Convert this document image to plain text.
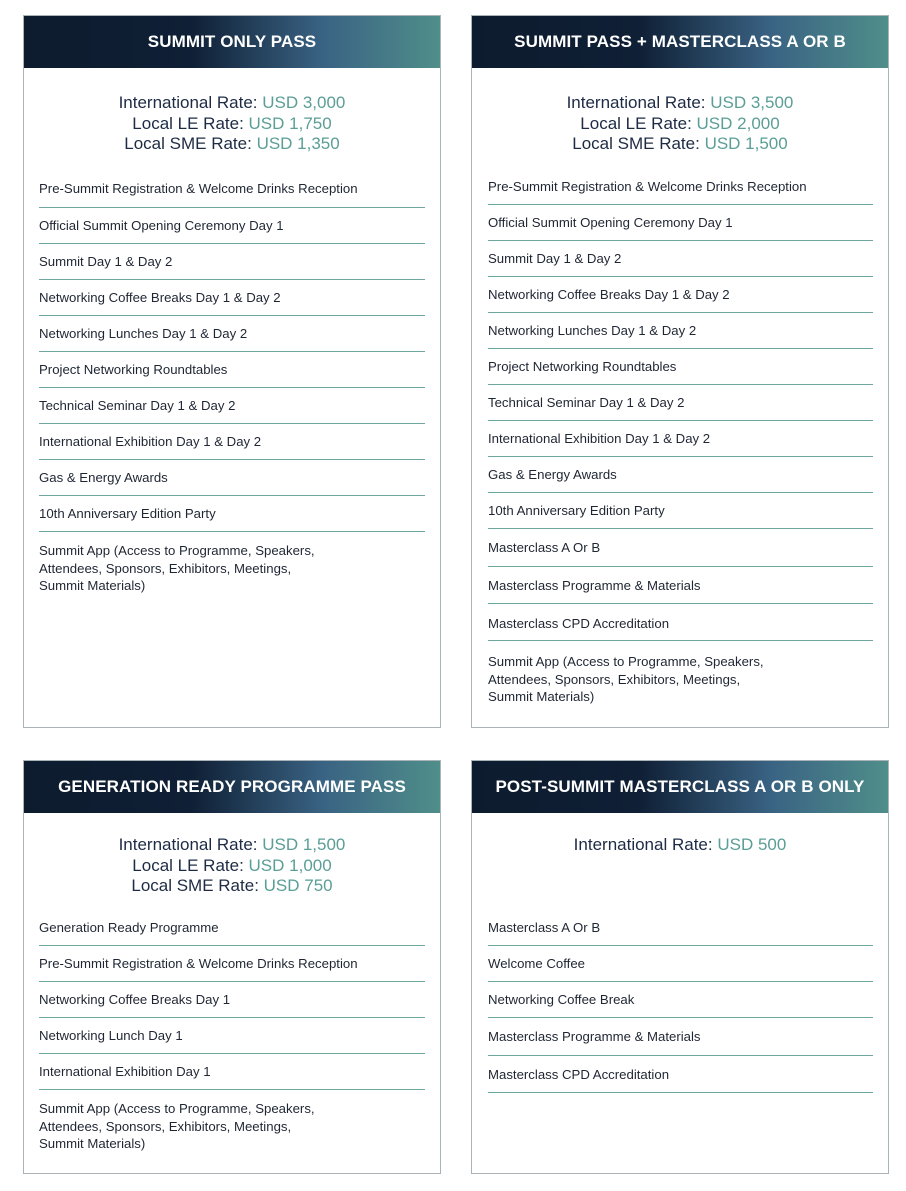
SUMMIT ONLY PASS
International Rate: USD 3,000
Local LE Rate: USD 1,750
Local SME Rate: USD 1,350
Pre-Summit Registration & Welcome Drinks Reception
Official Summit Opening Ceremony Day 1
Summit Day 1 & Day 2
Networking Coffee Breaks Day 1 & Day 2
Networking Lunches Day 1 & Day 2
Project Networking Roundtables
Technical Seminar Day 1 & Day 2
International Exhibition Day 1 & Day 2
Gas & Energy Awards
10th Anniversary Edition Party
Summit App (Access to Programme, Speakers,
Attendees, Sponsors, Exhibitors, Meetings,
Summit Materials)
SUMMIT PASS + MASTERCLASS A OR B
International Rate: USD 3,500
Local LE Rate: USD 2,000
Local SME Rate: USD 1,500
Pre-Summit Registration & Welcome Drinks Reception
Official Summit Opening Ceremony Day 1
Summit Day 1 & Day 2
Networking Coffee Breaks Day 1 & Day 2
Networking Lunches Day 1 & Day 2
Project Networking Roundtables
Technical Seminar Day 1 & Day 2
International Exhibition Day 1 & Day 2
Gas & Energy Awards
10th Anniversary Edition Party
Masterclass A Or B
Masterclass Programme & Materials
Masterclass CPD Accreditation
Summit App (Access to Programme, Speakers,
Attendees, Sponsors, Exhibitors, Meetings,
Summit Materials)
GENERATION READY PROGRAMME PASS
International Rate: USD 1,500
Local LE Rate: USD 1,000
Local SME Rate: USD 750
Generation Ready Programme
Pre-Summit Registration & Welcome Drinks Reception
Networking Coffee Breaks Day 1
Networking Lunch Day 1
International Exhibition Day 1
Summit App (Access to Programme, Speakers,
Attendees, Sponsors, Exhibitors, Meetings,
Summit Materials)
POST-SUMMIT MASTERCLASS A OR B ONLY
International Rate: USD 500
Masterclass A Or B
Welcome Coffee
Networking Coffee Break
Masterclass Programme & Materials
Masterclass CPD Accreditation
